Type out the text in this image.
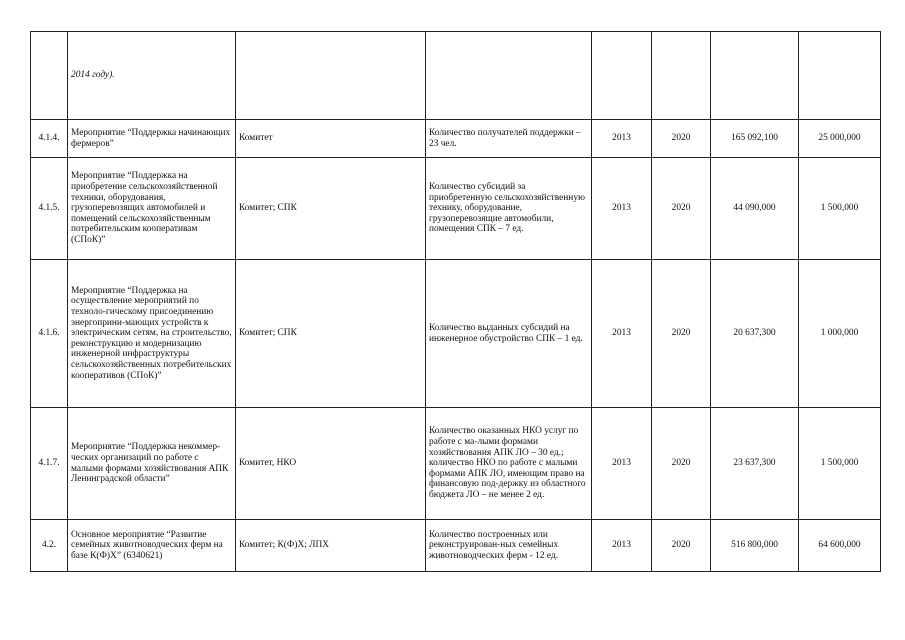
	2014 году).						
4.1.4.	Мероприятие “Поддержка начинающих фермеров”	Комитет	Количество получателей поддержки – 23 чел.	2013	2020	165 092,100	25 000,000
4.1.5.	Мероприятие “Поддержка на приобретение сельскохозяйственной техники, оборудования, грузоперевозящих автомобилей и помещений сельскохозяйственным потребительским кооперативам (СПоК)”	Комитет; СПК	Количество субсидий за приобретенную сельскохозяйственную технику, оборудование, грузоперевозящие автомобили, помещения СПК – 7 ед.	2013	2020	44 090,000	1 500,000
4.1.6.	Мероприятие “Поддержка на осуществление мероприятий по техноло-гическому присоединению энергоприни-мающих устройств к электрическим сетям, на строительство, реконструкцию и модернизацию инженерной инфраструктуры сельскохозяйственных потребительских кооперативов (СПоК)”	Комитет; СПК	Количество выданных субсидий на инженерное обустройство СПК – 1 ед.	2013	2020	20 637,300	1 000,000
4.1.7.	Мероприятие “Поддержка некоммер-ческих организаций по работе с малыми формами хозяйствования АПК Ленинградской области”	Комитет, НКО	Количество оказанных НКО услуг по работе с ма-лыми формами хозяйствования АПК ЛО – 30 ед.; количество НКО по работе с малыми формами АПК ЛО, имеющим право на финансовую под-держку из областного бюджета ЛО – не менее 2 ед.	2013	2020	23 637,300	1 500,000
4.2.	Основное мероприятие “Развитие семейных животноводческих ферм на базе К(Ф)Х” (6340621)	Комитет; К(Ф)Х; ЛПХ	Количество построенных или реконструирован-ных семейных животноводческих ферм - 12 ед.	2013	2020	516 800,000	64 600,000
